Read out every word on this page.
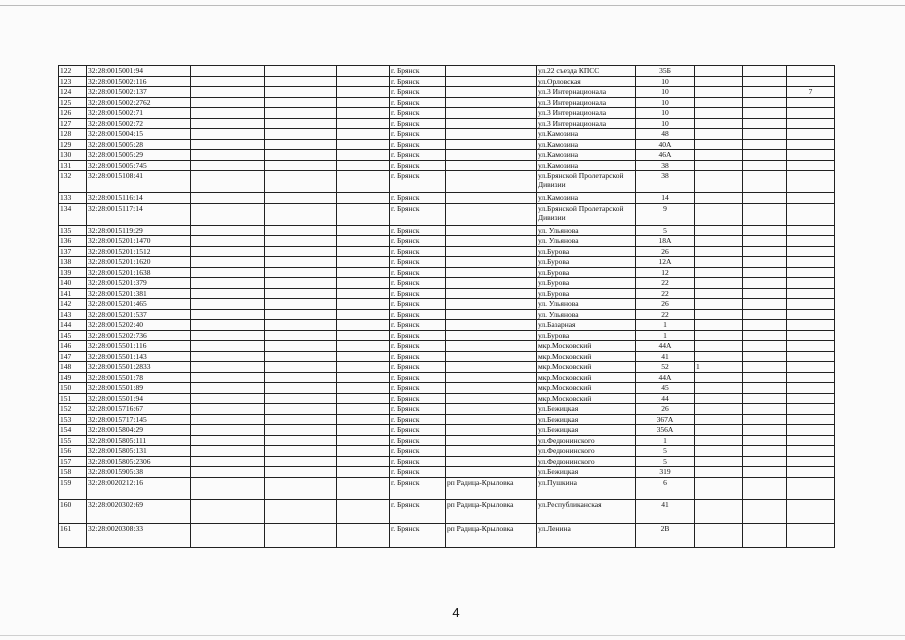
122	32:28:0015001:94				г. Брянск		ул.22 съезда КПСС	35Б			
123	32:28:0015002:116				г. Брянск		ул.Орловская	10			
124	32:28:0015002:137				г. Брянск		ул.3 Интернационала	10			7
125	32:28:0015002:2762				г. Брянск		ул.3 Интернационала	10			
126	32:28:0015002:71				г. Брянск		ул.3 Интернационала	10			
127	32:28:0015002:72				г. Брянск		ул.3 Интернационала	10			
128	32:28:0015004:15				г. Брянск		ул.Камозина	48			
129	32:28:0015005:28				г. Брянск		ул.Камозина	40А			
130	32:28:0015005:29				г. Брянск		ул.Камозина	46А			
131	32:28:0015005:745				г. Брянск		ул.Камозина	38			
132	32:28:0015108:41				г. Брянск		ул.Брянской Пролетарской Дивизии	38			
133	32:28:0015116:14				г. Брянск		ул.Камозина	14			
134	32:28:0015117:14				г. Брянск		ул.Брянской Пролетарской Дивизии	9			
135	32:28:0015119:29				г. Брянск		ул. Ульянова	5			
136	32:28:0015201:1470				г. Брянск		ул. Ульянова	18А			
137	32:28:0015201:1512				г. Брянск		ул.Бурова	26			
138	32:28:0015201:1620				г. Брянск		ул.Бурова	12А			
139	32:28:0015201:1638				г. Брянск		ул.Бурова	12			
140	32:28:0015201:379				г. Брянск		ул.Бурова	22			
141	32:28:0015201:381				г. Брянск		ул.Бурова	22			
142	32:28:0015201:465				г. Брянск		ул. Ульянова	26			
143	32:28:0015201:537				г. Брянск		ул. Ульянова	22			
144	32:28:0015202:40				г. Брянск		ул.Базарная	1			
145	32:28:0015202:736				г. Брянск		ул.Бурова	1			
146	32:28:0015501:116				г. Брянск		мкр.Московский	44А			
147	32:28:0015501:143				г. Брянск		мкр.Московский	41			
148	32:28:0015501:2833				г. Брянск		мкр.Московский	52	1		
149	32:28:0015501:78				г. Брянск		мкр.Московский	44А			
150	32:28:0015501:89				г. Брянск		мкр.Московский	45			
151	32:28:0015501:94				г. Брянск		мкр.Московский	44			
152	32:28:0015716:67				г. Брянск		ул.Бежицкая	26			
153	32:28:0015717:145				г. Брянск		ул.Бежицкая	367А			
154	32:28:0015804:29				г. Брянск		ул.Бежицкая	356А			
155	32:28:0015805:111				г. Брянск		ул.Федюнинского	1			
156	32:28:0015805:131				г. Брянск		ул.Федюнинского	5			
157	32:28:0015805:2306				г. Брянск		ул.Федюнинского	5			
158	32:28:0015905:38				г. Брянск		ул.Бежицкая	319			
159	32:28:0020212:16				г. Брянск	рп Радица-Крыловка	ул.Пушкина	6			
160	32:28:0020302:69				г. Брянск	рп Радица-Крыловка	ул.Республиканская	41			
161	32:28:0020308:33				г. Брянск	рп Радица-Крыловка	ул.Ленина	2В			
4
